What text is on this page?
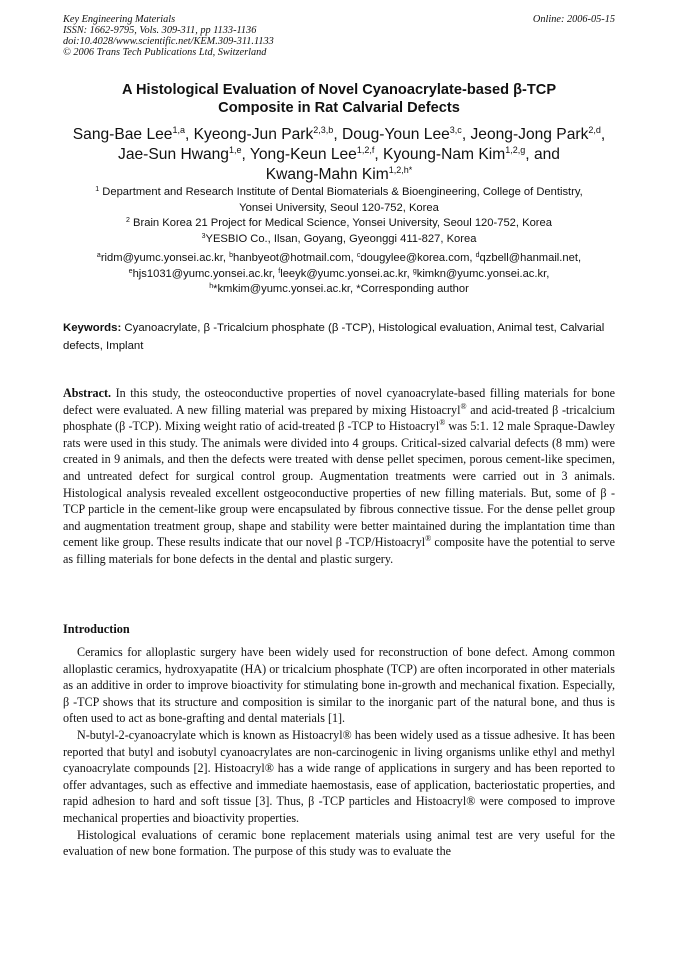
Key Engineering Materials
ISSN: 1662-9795, Vols. 309-311, pp 1133-1136
doi:10.4028/www.scientific.net/KEM.309-311.1133
© 2006 Trans Tech Publications Ltd, Switzerland
Online: 2006-05-15
A Histological Evaluation of Novel Cyanoacrylate-based β-TCP
Composite in Rat Calvarial Defects
Sang-Bae Lee$^{1,a}$, Kyeong-Jun Park$^{2,3,b}$, Doug-Youn Lee$^{3,c}$, Jeong-Jong Park$^{2,d}$,
Jae-Sun Hwang$^{1,e}$, Yong-Keun Lee$^{1,2,f}$, Kyoung-Nam Kim$^{1,2,g}$, and
Kwang-Mahn Kim$^{1,2,h*}$
$^1$ Department and Research Institute of Dental Biomaterials & Bioengineering, College of Dentistry,
Yonsei University, Seoul 120-752, Korea
$^2$ Brain Korea 21 Project for Medical Science, Yonsei University, Seoul 120-752, Korea
$^3$YESBIO Co., Ilsan, Goyang, Gyeonggi 411-827, Korea
$^a$ridm@yumc.yonsei.ac.kr, $^b$hanbyeot@hotmail.com, $^c$dougylee@korea.com, $^d$qzbell@hanmail.net,
$^e$hjs1031@yumc.yonsei.ac.kr, $^f$leeyk@yumc.yonsei.ac.kr, $^g$kimkn@yumc.yonsei.ac.kr,
$^h$*kmkim@yumc.yonsei.ac.kr, *Corresponding author
Keywords: Cyanoacrylate, β -Tricalcium phosphate (β -TCP), Histological evaluation, Animal test, Calvarial defects, Implant
Abstract. In this study, the osteoconductive properties of novel cyanoacrylate-based filling materials for bone defect were evaluated. A new filling material was prepared by mixing Histoacryl® and acid-treated β -tricalcium phosphate (β -TCP). Mixing weight ratio of acid-treated β -TCP to Histoacryl® was 5:1. 12 male Spraque-Dawley rats were used in this study. The animals were divided into 4 groups. Critical-sized calvarial defects (8 mm) were created in 9 animals, and then the defects were treated with dense pellet specimen, porous cement-like specimen, and untreated defect for surgical control group. Augmentation treatments were carried out in 3 animals. Histological analysis revealed excellent ostgeoconductive properties of new filling materials. But, some of β -TCP particle in the cement-like group were encapsulated by fibrous connective tissue. For the dense pellet group and augmentation treatment group, shape and stability were better maintained during the implantation time than cement like group. These results indicate that our novel β -TCP/Histoacryl® composite have the potential to serve as filling materials for bone defects in the dental and plastic surgery.
Introduction

Ceramics for alloplastic surgery have been widely used for reconstruction of bone defect. Among common alloplastic ceramics, hydroxyapatite (HA) or tricalcium phosphate (TCP) are often incorporated in other materials as an additive in order to improve bioactivity for stimulating bone in-growth and mechanical fixation. Especially, β -TCP shows that its structure and composition is similar to the inorganic part of the natural bone, and thus is often used to act as bone-grafting and dental materials [1].

N-butyl-2-cyanoacrylate which is known as Histoacryl® has been widely used as a tissue adhesive. It has been reported that butyl and isobutyl cyanoacrylates are non-carcinogenic in living organisms unlike ethyl and methyl cyanoacrylate compounds [2]. Histoacryl® has a wide range of applications in surgery and has been reported to offer advantages, such as effective and immediate haemostasis, ease of application, bacteriostatic properties, and rapid adhesion to hard and soft tissue [3]. Thus, β -TCP particles and Histoacryl® were composed to improve mechanical properties and bioactivity properties.

Histological evaluations of ceramic bone replacement materials using animal test are very useful for the evaluation of new bone formation. The purpose of this study was to evaluate the
